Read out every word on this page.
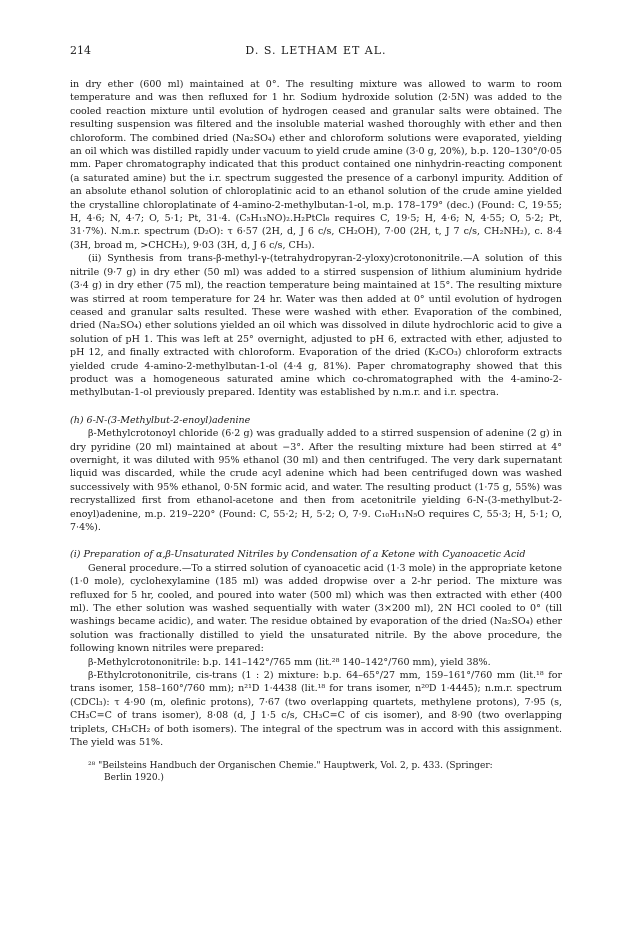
214	D. S. LETHAM ET AL.

in dry ether (600 ml) maintained at 0°. The resulting mixture was allowed to warm to room temperature and was then refluxed for 1 hr. Sodium hydroxide solution (2·5N) was added to the cooled reaction mixture until evolution of hydrogen ceased and granular salts were obtained. The resulting suspension was filtered and the insoluble material washed thoroughly with ether and then chloroform. The combined dried (Na₂SO₄) ether and chloroform solutions were evaporated, yielding an oil which was distilled rapidly under vacuum to yield crude amine (3·0 g, 20%), b.p. 120–130°/0·05 mm. Paper chromatography indicated that this product contained one ninhydrin-reacting component (a saturated amine) but the i.r. spectrum suggested the presence of a carbonyl impurity. Addition of an absolute ethanol solution of chloroplatinic acid to an ethanol solution of the crude amine yielded the crystalline chloroplatinate of 4-amino-2-methylbutan-1-ol, m.p. 178–179° (dec.) (Found: C, 19·55; H, 4·6; N, 4·7; O, 5·1; Pt, 31·4. (C₅H₁₃NO)₂.H₂PtCl₆ requires C, 19·5; H, 4·6; N, 4·55; O, 5·2; Pt, 31·7%). N.m.r. spectrum (D₂O): τ 6·57 (2H, d, J 6 c/s, CH₂OH), 7·00 (2H, t, J 7 c/s, CH₂NH₂), c. 8·4 (3H, broad m, >CHCH₂), 9·03 (3H, d, J 6 c/s, CH₃).

(ii) Synthesis from trans-β-methyl-γ-(tetrahydropyran-2-yloxy)crotononitrile.—A solution of this nitrile (9·7 g) in dry ether (50 ml) was added to a stirred suspension of lithium aluminium hydride (3·4 g) in dry ether (75 ml), the reaction temperature being maintained at 15°. The resulting mixture was stirred at room temperature for 24 hr. Water was then added at 0° until evolution of hydrogen ceased and granular salts resulted. These were washed with ether. Evaporation of the combined, dried (Na₂SO₄) ether solutions yielded an oil which was dissolved in dilute hydrochloric acid to give a solution of pH 1. This was left at 25° overnight, adjusted to pH 6, extracted with ether, adjusted to pH 12, and finally extracted with chloroform. Evaporation of the dried (K₂CO₃) chloroform extracts yielded crude 4-amino-2-methylbutan-1-ol (4·4 g, 81%). Paper chromatography showed that this product was a homogeneous saturated amine which co-chromatographed with the 4-amino-2-methylbutan-1-ol previously prepared. Identity was established by n.m.r. and i.r. spectra.

(h) 6-N-(3-Methylbut-2-enoyl)adenine

β-Methylcrotonoyl chloride (6·2 g) was gradually added to a stirred suspension of adenine (2 g) in dry pyridine (20 ml) maintained at about −3°. After the resulting mixture had been stirred at 4° overnight, it was diluted with 95% ethanol (30 ml) and then centrifuged. The very dark supernatant liquid was discarded, while the crude acyl adenine which had been centrifuged down was washed successively with 95% ethanol, 0·5N formic acid, and water. The resulting product (1·75 g, 55%) was recrystallized first from ethanol-acetone and then from acetonitrile yielding 6-N-(3-methylbut-2-enoyl)adenine, m.p. 219–220° (Found: C, 55·2; H, 5·2; O, 7·9. C₁₀H₁₁N₅O requires C, 55·3; H, 5·1; O, 7·4%).

(i) Preparation of α,β-Unsaturated Nitriles by Condensation of a Ketone with Cyanoacetic Acid

General procedure.—To a stirred solution of cyanoacetic acid (1·3 mole) in the appropriate ketone (1·0 mole), cyclohexylamine (185 ml) was added dropwise over a 2-hr period. The mixture was refluxed for 5 hr, cooled, and poured into water (500 ml) which was then extracted with ether (400 ml). The ether solution was washed sequentially with water (3×200 ml), 2N HCl cooled to 0° (till washings became acidic), and water. The residue obtained by evaporation of the dried (Na₂SO₄) ether solution was fractionally distilled to yield the unsaturated nitrile. By the above procedure, the following known nitriles were prepared:

β-Methylcrotononitrile: b.p. 141–142°/765 mm (lit.²⁸ 140–142°/760 mm), yield 38%.

β-Ethylcrotononitrile, cis-trans (1 : 2) mixture: b.p. 64–65°/27 mm, 159–161°/760 mm (lit.¹⁸ for trans isomer, 158–160°/760 mm); n²¹D 1·4438 (lit.¹⁸ for trans isomer, n²⁰D 1·4445); n.m.r. spectrum (CDCl₃): τ 4·90 (m, olefinic protons), 7·67 (two overlapping quartets, methylene protons), 7·95 (s, CH₃C=C of trans isomer), 8·08 (d, J 1·5 c/s, CH₃C=C of cis isomer), and 8·90 (two overlapping triplets, CH₃CH₂ of both isomers). The integral of the spectrum was in accord with this assignment. The yield was 51%.

²⁸ "Beilsteins Handbuch der Organischen Chemie." Hauptwerk, Vol. 2, p. 433. (Springer:
Berlin 1920.)
